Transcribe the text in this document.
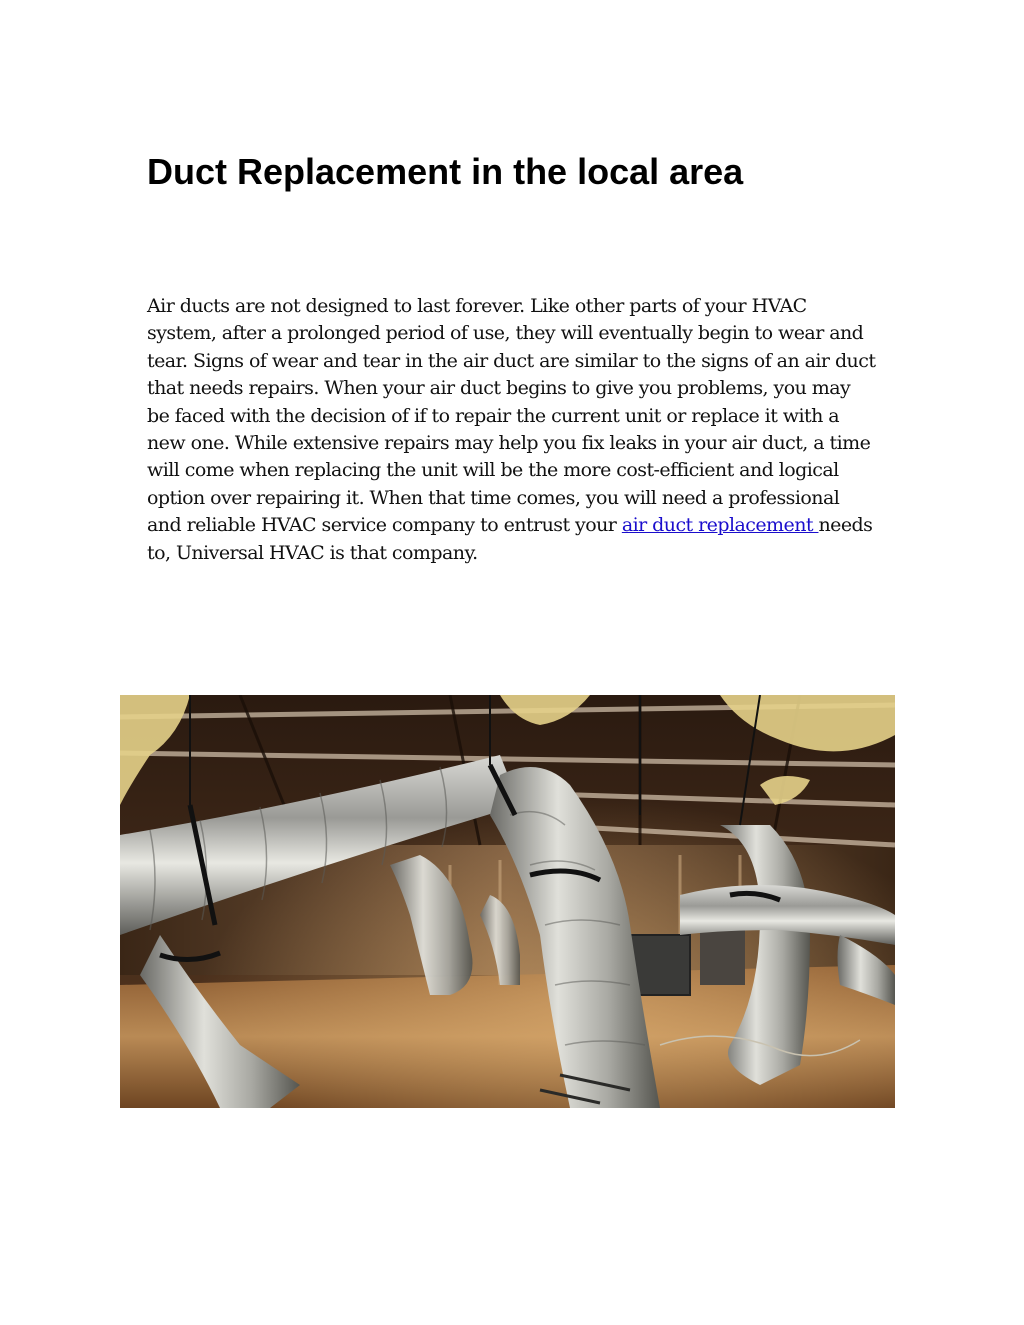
Duct Replacement in the local area

Air ducts are not designed to last forever. Like other parts of your HVAC system, after a prolonged period of use, they will eventually begin to wear and tear. Signs of wear and tear in the air duct are similar to the signs of an air duct that needs repairs. When your air duct begins to give you problems, you may be faced with the decision of if to repair the current unit or replace it with a new one. While extensive repairs may help you fix leaks in your air duct, a time will come when replacing the unit will be the more cost-efficient and logical option over repairing it. When that time comes, you will need a professional and reliable HVAC service company to entrust your air duct replacement needs to, Universal HVAC is that company.
